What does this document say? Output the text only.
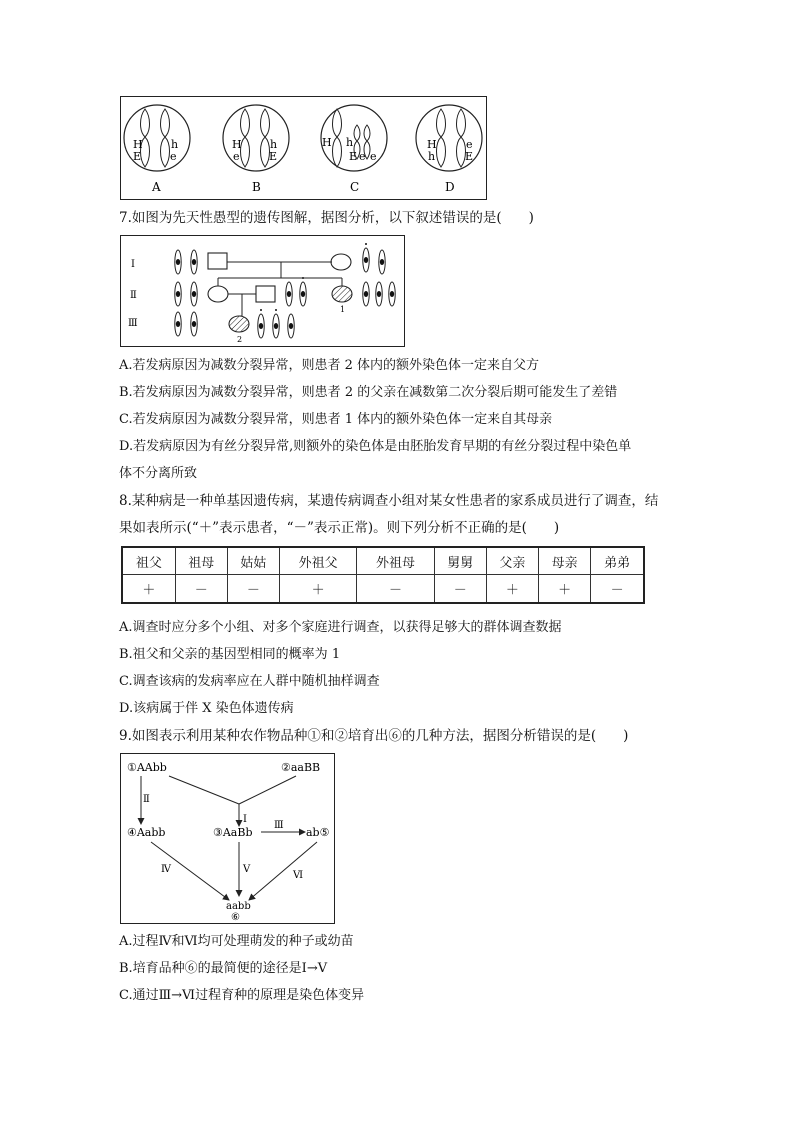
H
E
h
e
A
H
e
h
E
B
H
E
h
e e
C
H
h
e
E
D
7.如图为先天性愚型的遗传图解，据图分析，以下叙述错误的是(　　)
Ⅰ
Ⅱ
Ⅲ
1
2
A.若发病原因为减数分裂异常，则患者 2 体内的额外染色体一定来自父方
B.若发病原因为减数分裂异常，则患者 2 的父亲在减数第二次分裂后期可能发生了差错
C.若发病原因为减数分裂异常，则患者 1 体内的额外染色体一定来自其母亲
D.若发病原因为有丝分裂异常,则额外的染色体是由胚胎发育早期的有丝分裂过程中染色单
体不分离所致
8.某种病是一种单基因遗传病，某遗传病调查小组对某女性患者的家系成员进行了调查，结
果如表所示(“＋”表示患者，“－”表示正常)。则下列分析不正确的是(　　)
祖父	祖母	姑姑	外祖父	外祖母	舅舅	父亲	母亲	弟弟
＋	－	－	＋	－	－	＋	＋	－
A.调查时应分多个小组、对多个家庭进行调查，以获得足够大的群体调查数据
B.祖父和父亲的基因型相同的概率为 1
C.调查该病的发病率应在人群中随机抽样调查
D.该病属于伴 X 染色体遗传病
9.如图表示利用某种农作物品种①和②培育出⑥的几种方法，据图分析错误的是(　　)
①AAbb	②aaBB
Ⅱ
Ⅰ
④Aabb	③AaBb
Ⅲ
ab⑤
Ⅳ	Ⅴ
Ⅵ
aabb
⑥
A.过程Ⅳ和Ⅵ均可处理萌发的种子或幼苗
B.培育品种⑥的最简便的途径是Ⅰ→Ⅴ
C.通过Ⅲ→Ⅵ过程育种的原理是染色体变异
